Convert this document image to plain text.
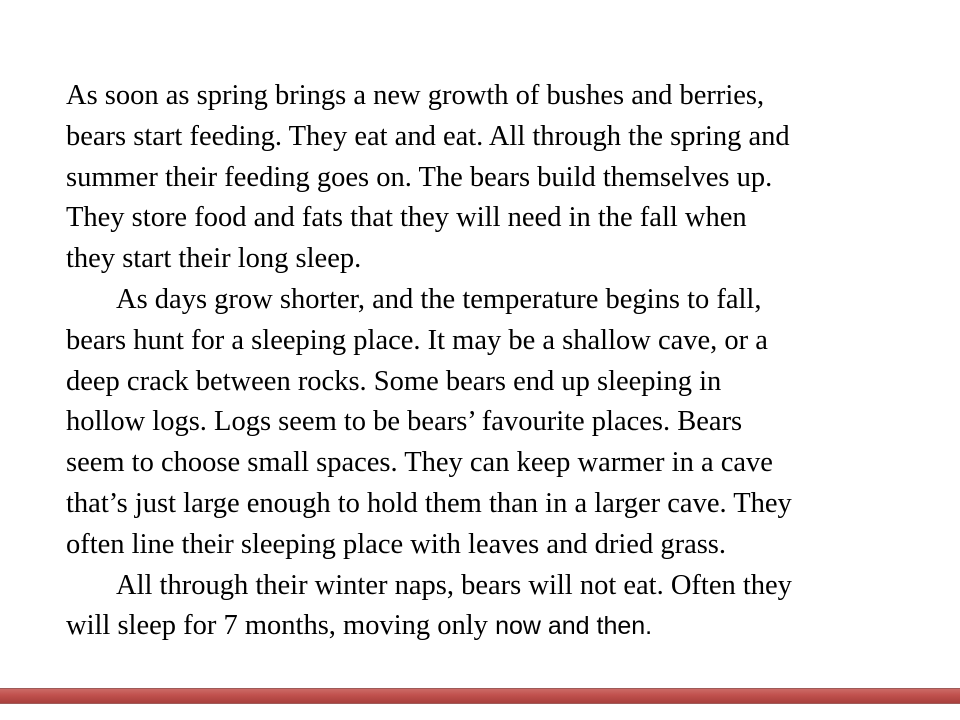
As soon as spring brings a new growth of bushes and berries,
bears start feeding. They eat and eat. All through the spring and
summer their feeding goes on. The bears build themselves up.
They store food and fats that they will need in the fall when
they start their long sleep.

As days grow shorter, and the temperature begins to fall,
bears hunt for a sleeping place. It may be a shallow cave, or a
deep crack between rocks. Some bears end up sleeping in
hollow logs. Logs seem to be bears’ favourite places. Bears
seem to choose small spaces. They can keep warmer in a cave
that’s just large enough to hold them than in a larger cave. They
often line their sleeping place with leaves and dried grass.

All through their winter naps, bears will not eat. Often they
will sleep for 7 months, moving only now and then.
